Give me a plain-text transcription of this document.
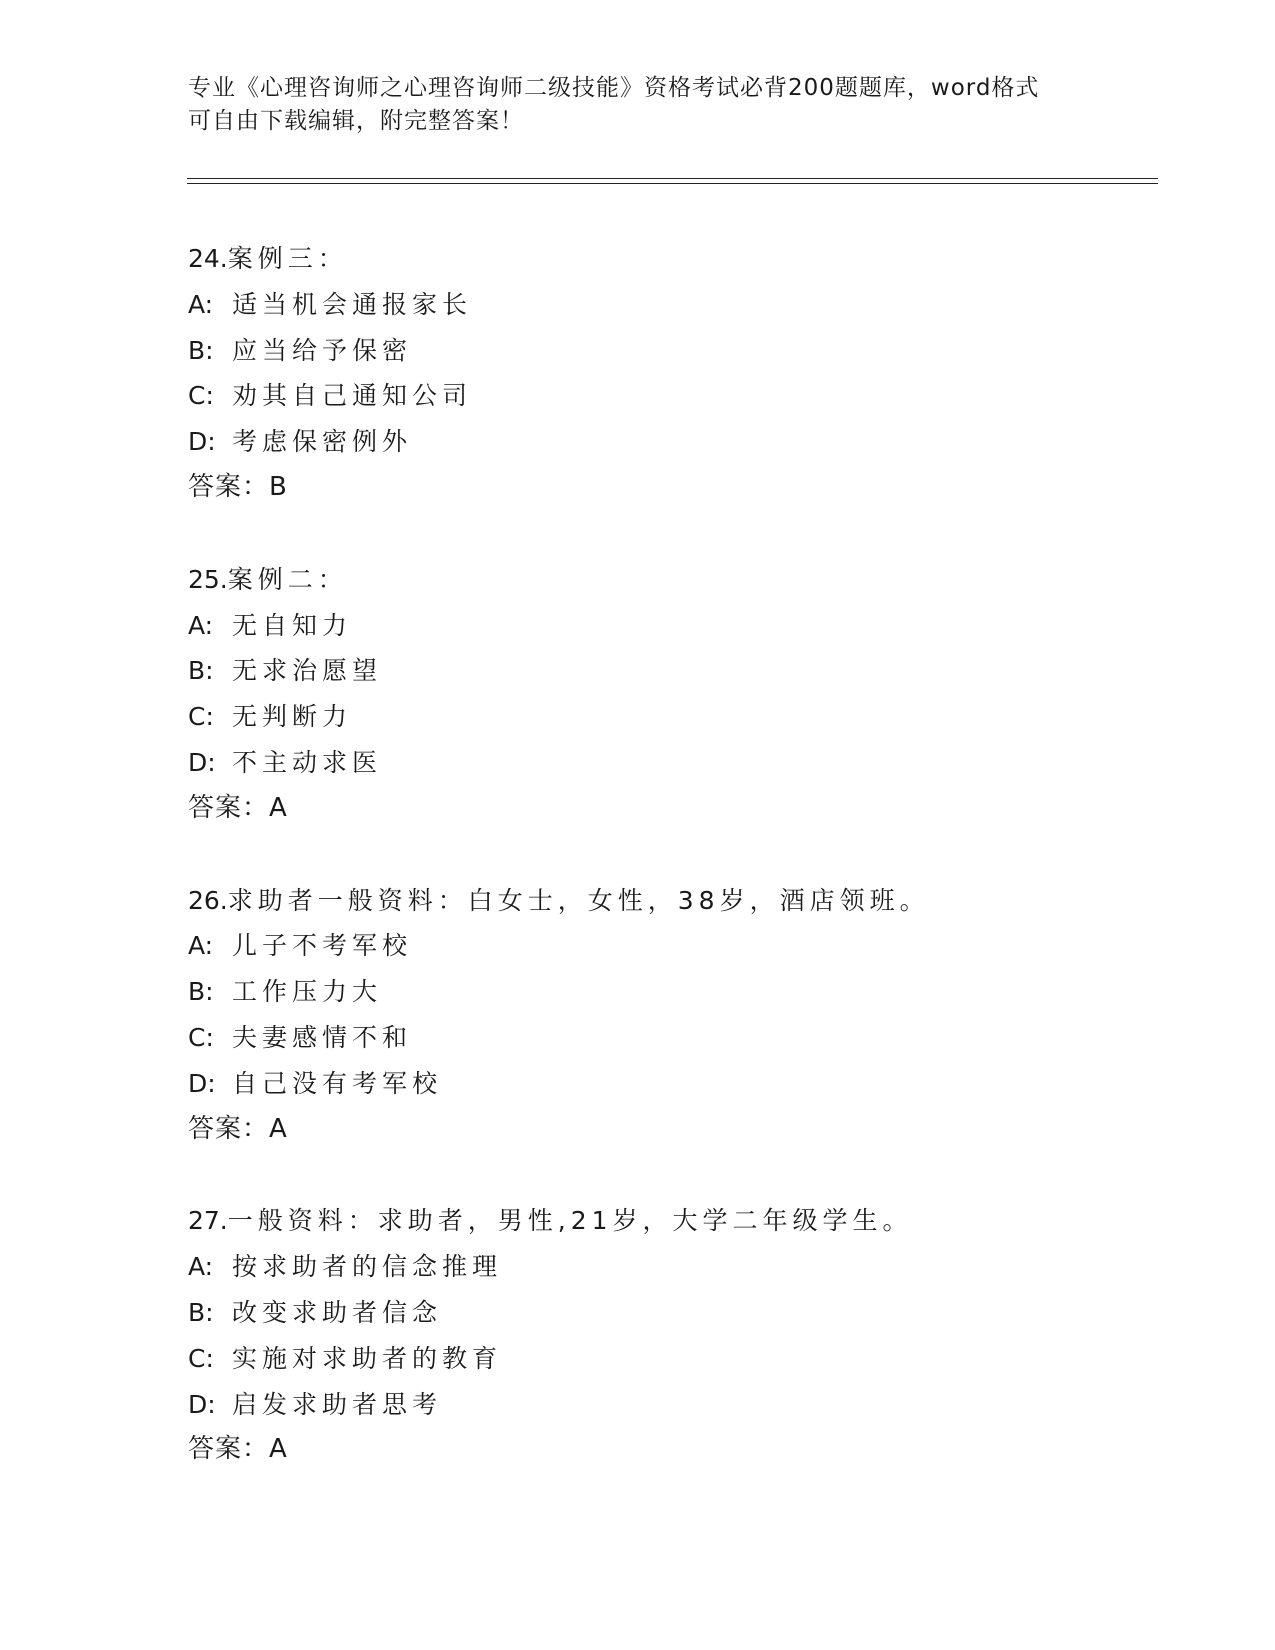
专业《心理咨询师之心理咨询师二级技能》资格考试必背200题题库，word格式
可自由下载编辑，附完整答案！
24.案例三：
A: 适当机会通报家长
B: 应当给予保密
C: 劝其自己通知公司
D: 考虑保密例外
答案：B
25.案例二：
A: 无自知力
B: 无求治愿望
C: 无判断力
D: 不主动求医
答案：A
26.求助者一般资料：白女士，女性，38岁，酒店领班。
A: 儿子不考军校
B: 工作压力大
C: 夫妻感情不和
D: 自己没有考军校
答案：A
27.一般资料：求助者，男性,21岁，大学二年级学生。
A: 按求助者的信念推理
B: 改变求助者信念
C: 实施对求助者的教育
D: 启发求助者思考
答案：A
